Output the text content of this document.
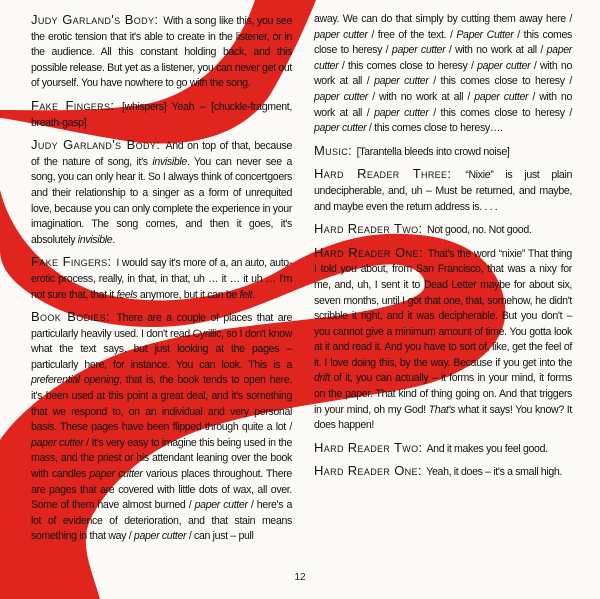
Judy Garland's Body: With a song like this, you see the erotic tension that it's able to create in the listener, or in the audience. All this constant holding back, and this possible release. But yet as a listener, you can never get out of yourself. You have nowhere to go with the song.

Fake Fingers: [whispers] Yeah – [chuckle-fragment, breath-gasp]

Judy Garland's Body: And on top of that, because of the nature of song, it's invisible. You can never see a song, you can only hear it. So I always think of concertgoers and their relationship to a singer as a form of unrequited love, because you can only complete the experience in your imagination. The song comes, and then it goes, it's absolutely invisible.

Fake Fingers: I would say it's more of a, an auto, auto-erotic process, really, in that, in that, uh … it … it uh … I'm not sure that, that it feels anymore, but it can be felt.

Book Bodies: There are a couple of places that are particularly heavily used. I don't read Cyrillic, so I don't know what the text says, but just looking at the pages – particularly here, for instance. You can look. This is a preferential opening, that is, the book tends to open here, it's been used at this point a great deal, and it's something that we respond to, on an individual and very personal basis. These pages have been flipped through quite a lot / paper cutter / It's very easy to imagine this being used in the mass, and the priest or his attendant leaning over the book with candles paper cutter various places throughout. There are pages that are covered with little dots of wax, all over. Some of them have almost burned / paper cutter / here's a lot of evidence of deterioration, and that stain means something in that way / paper cutter / can just – pull

away. We can do that simply by cutting them away here / paper cutter / free of the text. / Paper Cutter / this comes close to heresy / paper cutter / with no work at all / paper cutter / this comes close to heresy / paper cutter / with no work at all / paper cutter / this comes close to heresy / paper cutter / with no work at all / paper cutter / with no work at all / paper cutter / this comes close to heresy / paper cutter / this comes close to heresy….

Music: [Tarantella bleeds into crowd noise]

Hard Reader Three: “Nixie” is just plain undecipherable, and, uh – Must be returned, and maybe, and maybe even the return address is. . . .

Hard Reader Two: Not good, no. Not good.

Hard Reader One: That's the word “nixie” That thing I told you about, from San Francisco, that was a nixy for me, and, uh, I sent it to Dead Letter maybe for about six, seven months, until I got that one, that, somehow, he didn't scribble it right, and it was decipherable. But you don't – you cannot give a minimum amount of time. You gotta look at it and read it. And you have to sort of, like, get the feel of it. I love doing this, by the way. Because if you get into the drift of it, you can actually – it forms in your mind, it forms on the paper. That kind of thing going on. And that triggers in your mind, oh my God! That's what it says! You know? It does happen!

Hard Reader Two: And it makes you feel good.

Hard Reader One: Yeah, it does – it's a small high.

12
